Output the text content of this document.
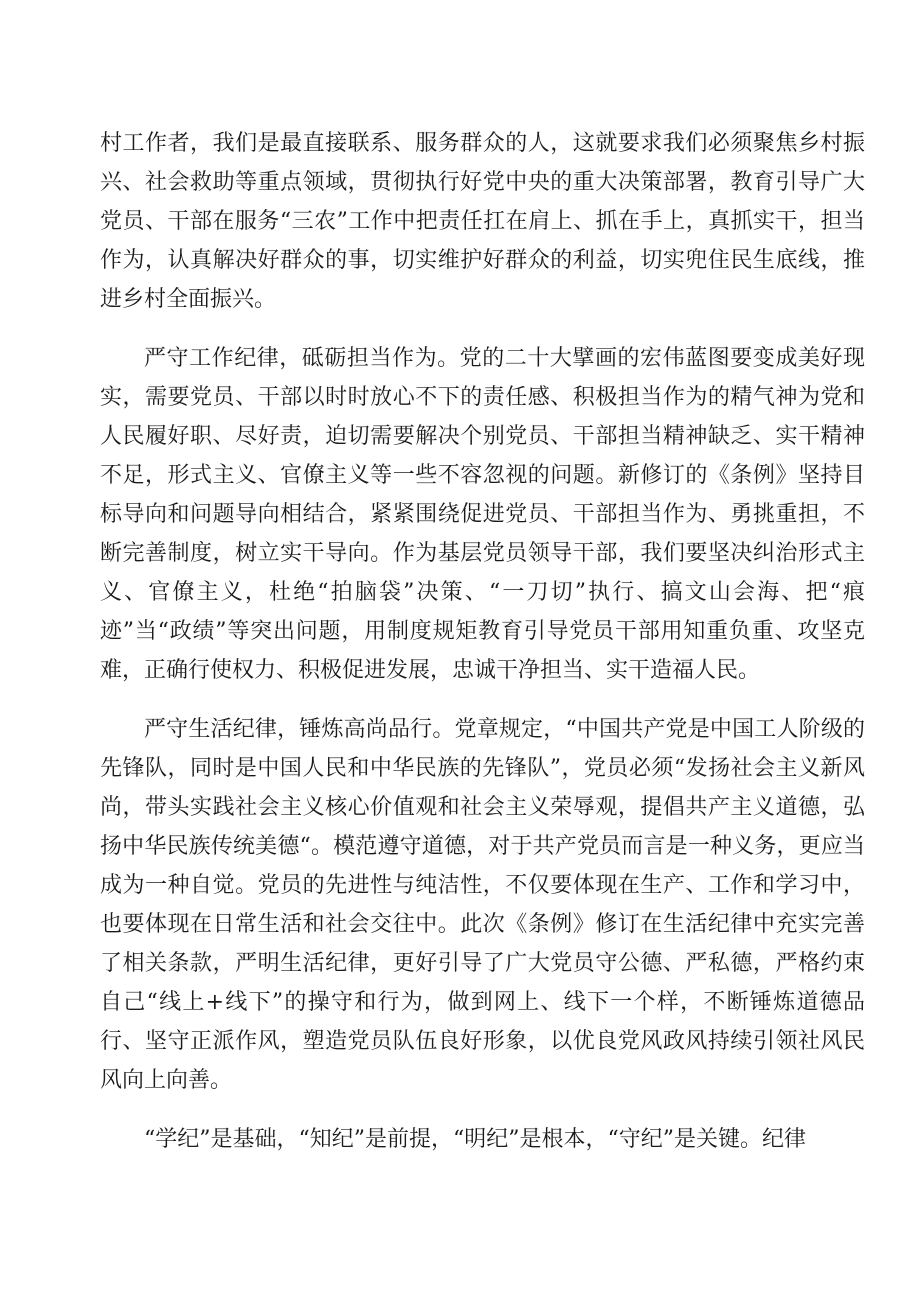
村工作者，我们是最直接联系、服务群众的人，这就要求我们必须聚焦乡村振兴、社会救助等重点领域，贯彻执行好党中央的重大决策部署，教育引导广大党员、干部在服务“三农”工作中把责任扛在肩上、抓在手上，真抓实干，担当作为，认真解决好群众的事，切实维护好群众的利益，切实兜住民生底线，推进乡村全面振兴。

严守工作纪律，砥砺担当作为。党的二十大擘画的宏伟蓝图要变成美好现实，需要党员、干部以时时放心不下的责任感、积极担当作为的精气神为党和人民履好职、尽好责，迫切需要解决个别党员、干部担当精神缺乏、实干精神不足，形式主义、官僚主义等一些不容忽视的问题。新修订的《条例》坚持目标导向和问题导向相结合，紧紧围绕促进党员、干部担当作为、勇挑重担，不断完善制度，树立实干导向。作为基层党员领导干部，我们要坚决纠治形式主义、官僚主义，杜绝“拍脑袋”决策、“一刀切”执行、搞文山会海、把“痕迹”当“政绩”等突出问题，用制度规矩教育引导党员干部用知重负重、攻坚克难，正确行使权力、积极促进发展，忠诚干净担当、实干造福人民。

严守生活纪律，锤炼高尚品行。党章规定，“中国共产党是中国工人阶级的先锋队，同时是中国人民和中华民族的先锋队”，党员必须“发扬社会主义新风尚，带头实践社会主义核心价值观和社会主义荣辱观，提倡共产主义道德，弘扬中华民族传统美德“。模范遵守道德，对于共产党员而言是一种义务，更应当成为一种自觉。党员的先进性与纯洁性，不仅要体现在生产、工作和学习中，也要体现在日常生活和社会交往中。此次《条例》修订在生活纪律中充实完善了相关条款，严明生活纪律，更好引导了广大党员守公德、严私德，严格约束自己“线上+线下”的操守和行为，做到网上、线下一个样，不断锤炼道德品行、坚守正派作风，塑造党员队伍良好形象，以优良党风政风持续引领社风民风向上向善。

“学纪”是基础，“知纪”是前提，“明纪”是根本，“守纪”是关键。纪律
